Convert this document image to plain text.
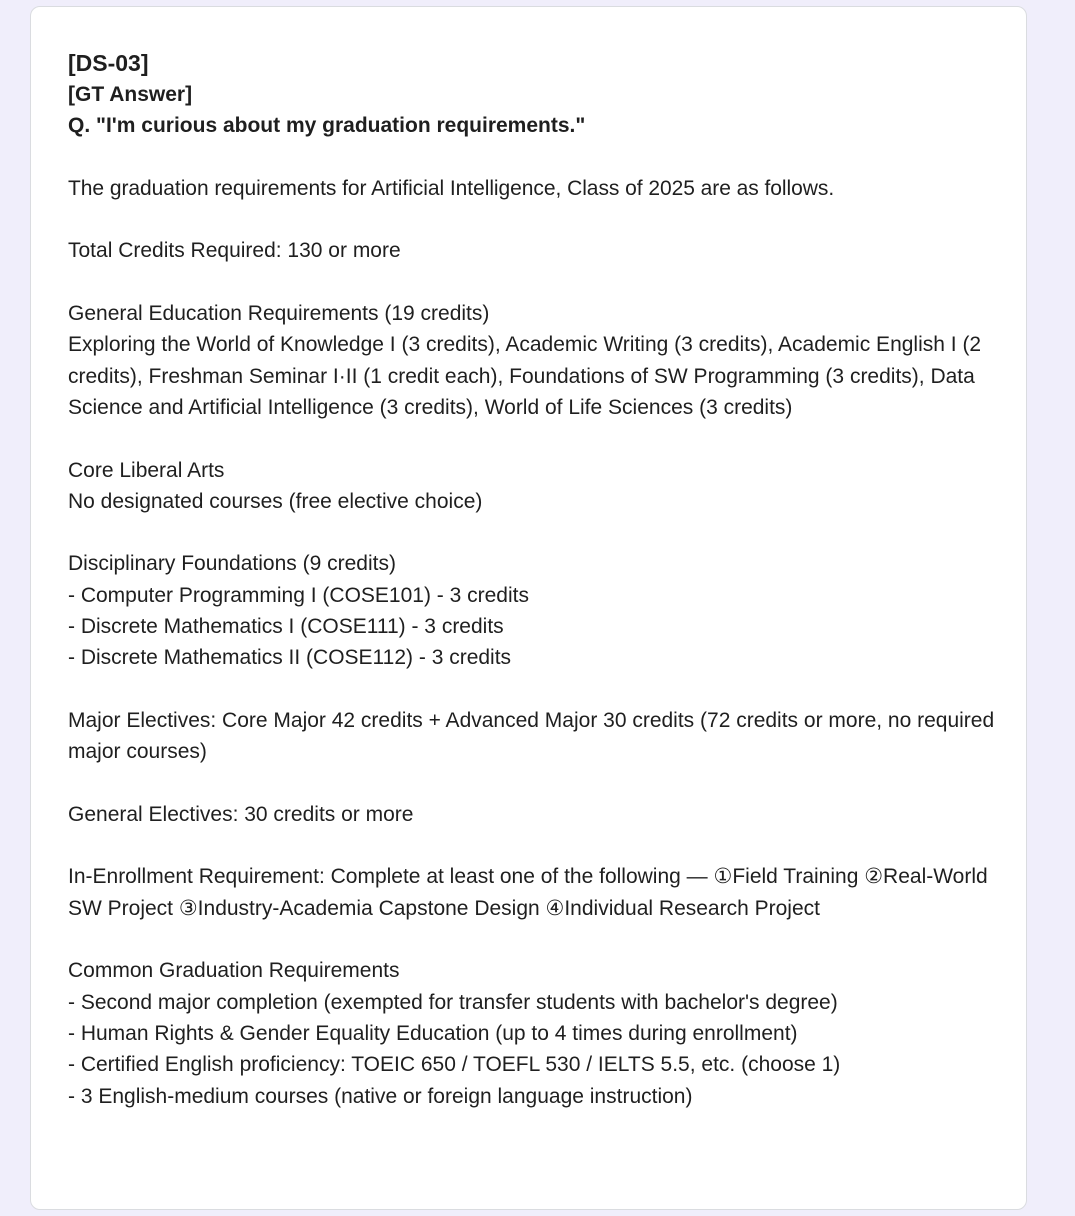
[DS-03]
[GT Answer]
Q. "I'm curious about my graduation requirements."
The graduation requirements for Artificial Intelligence, Class of 2025 are as follows.
Total Credits Required: 130 or more
General Education Requirements (19 credits)
Exploring the World of Knowledge I (3 credits), Academic Writing (3 credits), Academic English I (2 credits), Freshman Seminar I·II (1 credit each), Foundations of SW Programming (3 credits), Data Science and Artificial Intelligence (3 credits), World of Life Sciences (3 credits)
Core Liberal Arts
No designated courses (free elective choice)
Disciplinary Foundations (9 credits)
- Computer Programming I (COSE101) - 3 credits
- Discrete Mathematics I (COSE111) - 3 credits
- Discrete Mathematics II (COSE112) - 3 credits
Major Electives: Core Major 42 credits + Advanced Major 30 credits (72 credits or more, no required major courses)
General Electives: 30 credits or more
In-Enrollment Requirement: Complete at least one of the following — ①Field Training ②Real-World SW Project ③Industry-Academia Capstone Design ④Individual Research Project
Common Graduation Requirements
- Second major completion (exempted for transfer students with bachelor's degree)
- Human Rights & Gender Equality Education (up to 4 times during enrollment)
- Certified English proficiency: TOEIC 650 / TOEFL 530 / IELTS 5.5, etc. (choose 1)
- 3 English-medium courses (native or foreign language instruction)
